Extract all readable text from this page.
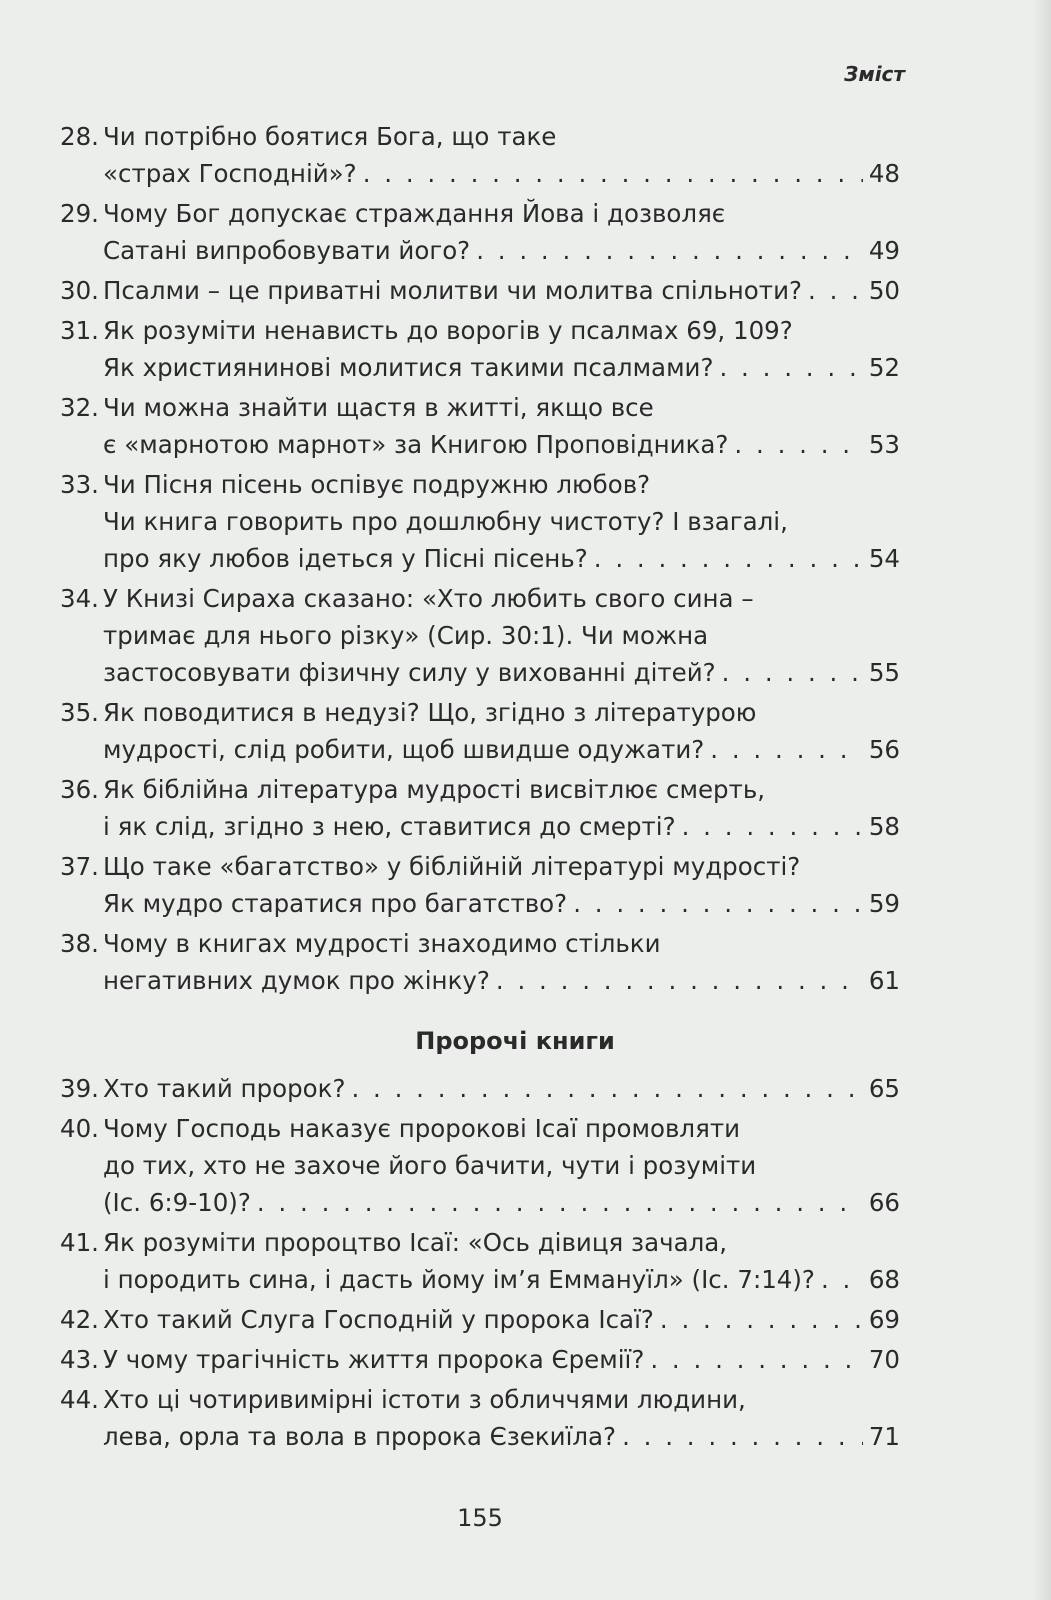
Зміст
28. Чи потрібно боятися Бога, що таке
«страх Господній»? . . .	48
29. Чому Бог допускає страждання Йова і дозволяє
Сатані випробовувати його? . . .	49
30. Псалми – це приватні молитви чи молитва спільноти? . . .	50
31. Як розуміти ненависть до ворогів у псалмах 69, 109?
Як християнинові молитися такими псалмами? . . .	52
32. Чи можна знайти щастя в житті, якщо все
є «марнотою марнот» за Книгою Проповідника? . . .	53
33. Чи Пісня пісень оспівує подружню любов?
Чи книга говорить про дошлюбну чистоту? І взагалі,
про яку любов ідеться у Пісні пісень? . . .	54
34. У Книзі Сираха сказано: «Хто любить свого сина –
тримає для нього різку» (Сир. 30:1). Чи можна
застосовувати фізичну силу у вихованні дітей? . . .	55
35. Як поводитися в недузі? Що, згідно з літературою
мудрості, слід робити, щоб швидше одужати? . . .	56
36. Як біблійна література мудрості висвітлює смерть,
і як слід, згідно з нею, ставитися до смерті? . . .	58
37. Що таке «багатство» у біблійній літературі мудрості?
Як мудро старатися про багатство? . . .	59
38. Чому в книгах мудрості знаходимо стільки
негативних думок про жінку? . . .	61
Пророчі книги
39. Хто такий пророк? . . .	65
40. Чому Господь наказує пророкові Ісаї промовляти
до тих, хто не захоче його бачити, чути і розуміти
(Іс. 6:9-10)? . . .	66
41. Як розуміти пророцтво Ісаї: «Ось дівиця зачала,
і породить сина, і дасть йому ім’я Еммануїл» (Іс. 7:14)? . . . 68
42. Хто такий Слуга Господній у пророка Ісаї? . . .	69
43. У чому трагічність життя пророка Єремії? . . .	70
44. Хто ці чотиривимірні істоти з обличчями людини,
лева, орла та вола в пророка Єзекиїла? . . .	71
155
